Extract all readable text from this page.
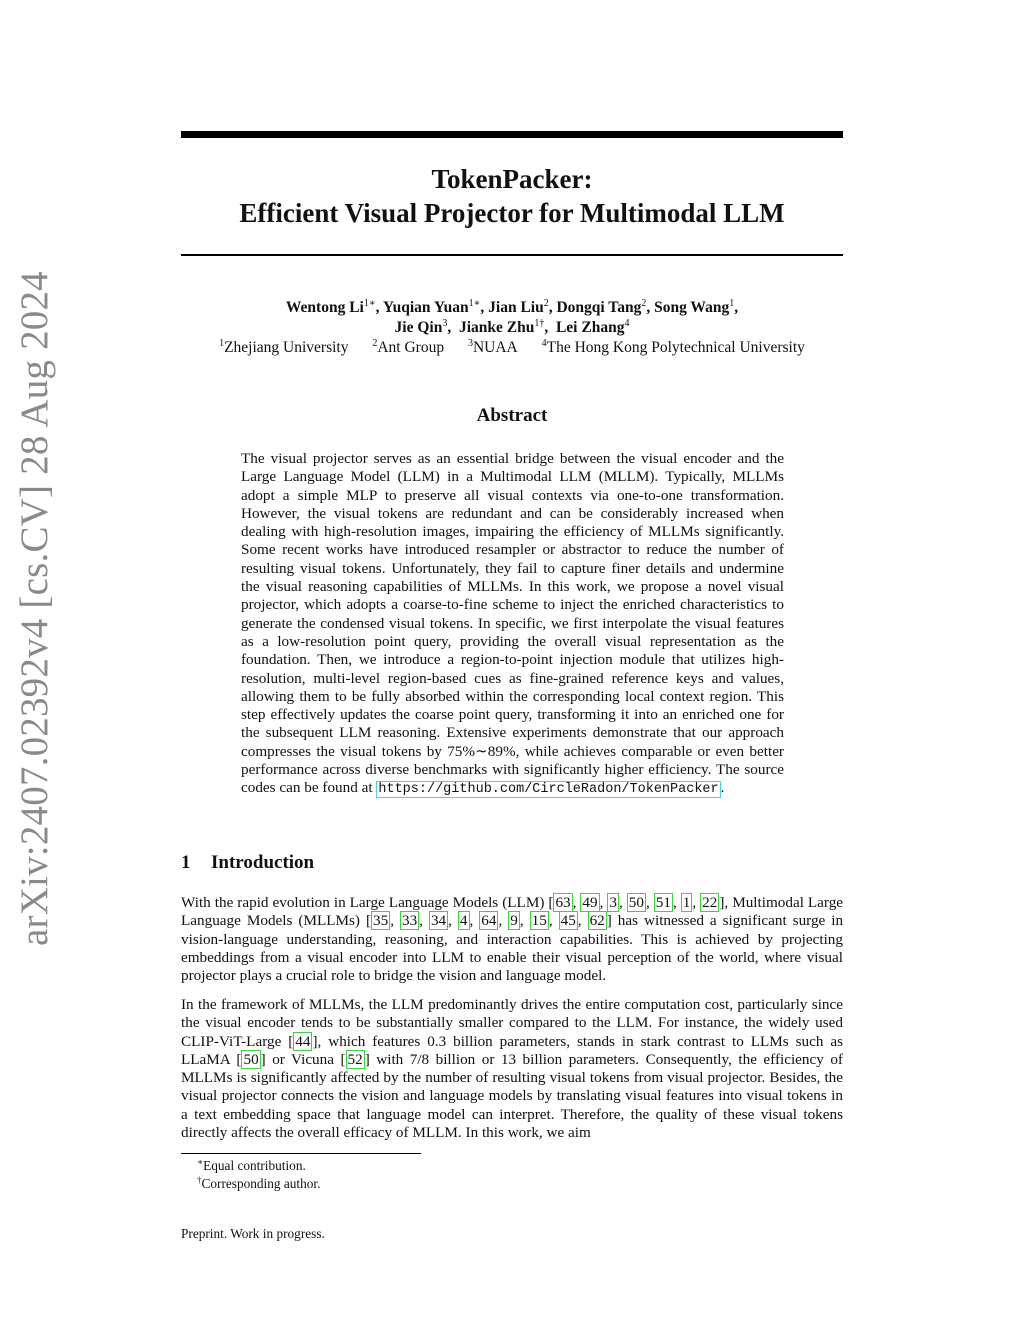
arXiv:2407.02392v4 [cs.CV] 28 Aug 2024
TokenPacker:
Efficient Visual Projector for Multimodal LLM
Wentong $Li^{1∗}$, Yuqian Yuan$^{1∗}$, Jian Liu$^2$, Dongqi Tang$^2$, Song Wang$^1$,
Jie Qin$^3$,  Jianke Zhu$^{1\dagger}$,  Lei Zhang$^4$
$^1$Zhejiang University $^2$Ant Group $^3$NUAA $^4$The Hong Kong Polytechnical University
Abstract
The visual projector serves as an essential bridge between the visual encoder and the Large Language Model (LLM) in a Multimodal LLM (MLLM). Typically, MLLMs adopt a simple MLP to preserve all visual contexts via one-to-one transformation. However, the visual tokens are redundant and can be considerably increased when dealing with high-resolution images, impairing the efficiency of MLLMs significantly. Some recent works have introduced resampler or abstractor to reduce the number of resulting visual tokens. Unfortunately, they fail to capture finer details and undermine the visual reasoning capabilities of MLLMs. In this work, we propose a novel visual projector, which adopts a coarse-to-fine scheme to inject the enriched characteristics to generate the condensed visual tokens. In specific, we first interpolate the visual features as a low-resolution point query, providing the overall visual representation as the foundation. Then, we introduce a region-to-point injection module that utilizes high-resolution, multi-level region-based cues as fine-grained reference keys and values, allowing them to be fully absorbed within the corresponding local context region. This step effectively updates the coarse point query, transforming it into an enriched one for the subsequent LLM reasoning. Extensive experiments demonstrate that our approach compresses the visual tokens by 75%∼89%, while achieves comparable or even better performance across diverse benchmarks with significantly higher efficiency. The source codes can be found at https://github.com/CircleRadon/TokenPacker .
1 Introduction
With the rapid evolution in Large Language Models (LLM) [ 63 , 49 , 3 , 50 , 51 , 1 , 22 ], Multimodal Large Language Models (MLLMs) [ 35 , 33 , 34 , 4 , 64 , 9 , 15 , 45 , 62 ] has witnessed a significant surge in vision-language understanding, reasoning, and interaction capabilities. This is achieved by projecting embeddings from a visual encoder into LLM to enable their visual perception of the world, where visual projector plays a crucial role to bridge the vision and language model.
In the framework of MLLMs, the LLM predominantly drives the entire computation cost, particularly since the visual encoder tends to be substantially smaller compared to the LLM. For instance, the widely used CLIP-ViT-Large [ 44 ], which features 0.3 billion parameters, stands in stark contrast to LLMs such as LLaMA [ 50 ] or Vicuna [ 52 ] with 7/8 billion or 13 billion parameters. Consequently, the efficiency of MLLMs is significantly affected by the number of resulting visual tokens from visual projector. Besides, the visual projector connects the vision and language models by translating visual features into visual tokens in a text embedding space that language model can interpret. Therefore, the quality of these visual tokens directly affects the overall efficacy of MLLM. In this work, we aim
∗Equal contribution.
†Corresponding author.
Preprint. Work in progress.
